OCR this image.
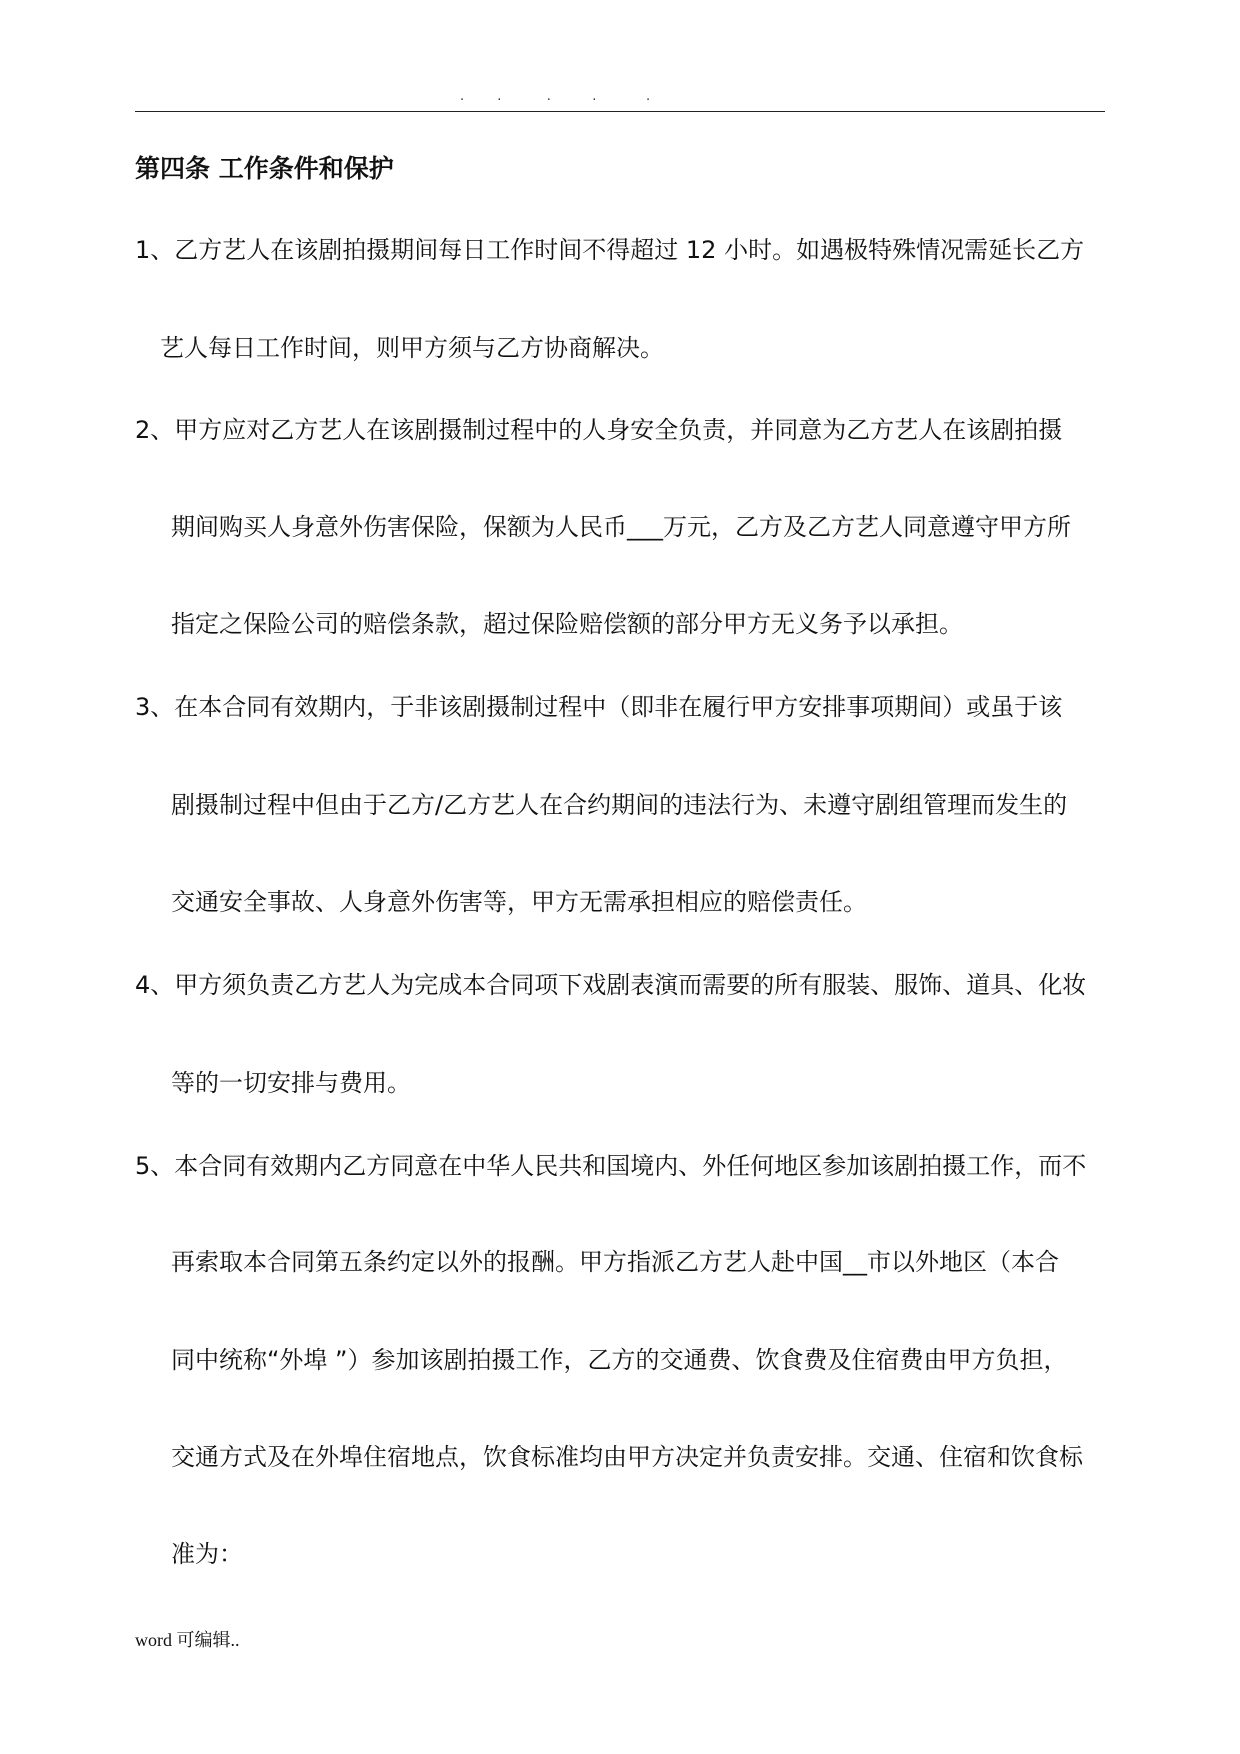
.        .           .          .            .
第四条 工作条件和保护
1、乙方艺人在该剧拍摄期间每日工作时间不得超过 12 小时。如遇极特殊情况需延长乙方
艺人每日工作时间，则甲方须与乙方协商解决。
2、甲方应对乙方艺人在该剧摄制过程中的人身安全负责，并同意为乙方艺人在该剧拍摄
期间购买人身意外伤害保险，保额为人民币___万元，乙方及乙方艺人同意遵守甲方所
指定之保险公司的赔偿条款，超过保险赔偿额的部分甲方无义务予以承担。
3、在本合同有效期内，于非该剧摄制过程中（即非在履行甲方安排事项期间）或虽于该
剧摄制过程中但由于乙方/乙方艺人在合约期间的违法行为、未遵守剧组管理而发生的
交通安全事故、人身意外伤害等，甲方无需承担相应的赔偿责任。
4、甲方须负责乙方艺人为完成本合同项下戏剧表演而需要的所有服装、服饰、道具、化妆
等的一切安排与费用。
5、本合同有效期内乙方同意在中华人民共和国境内、外任何地区参加该剧拍摄工作，而不
再索取本合同第五条约定以外的报酬。甲方指派乙方艺人赴中国__市以外地区（本合
同中统称“外埠 ”）参加该剧拍摄工作，乙方的交通费、饮食费及住宿费由甲方负担，
交通方式及在外埠住宿地点，饮食标准均由甲方决定并负责安排。交通、住宿和饮食标
准为：
word 可编辑..
